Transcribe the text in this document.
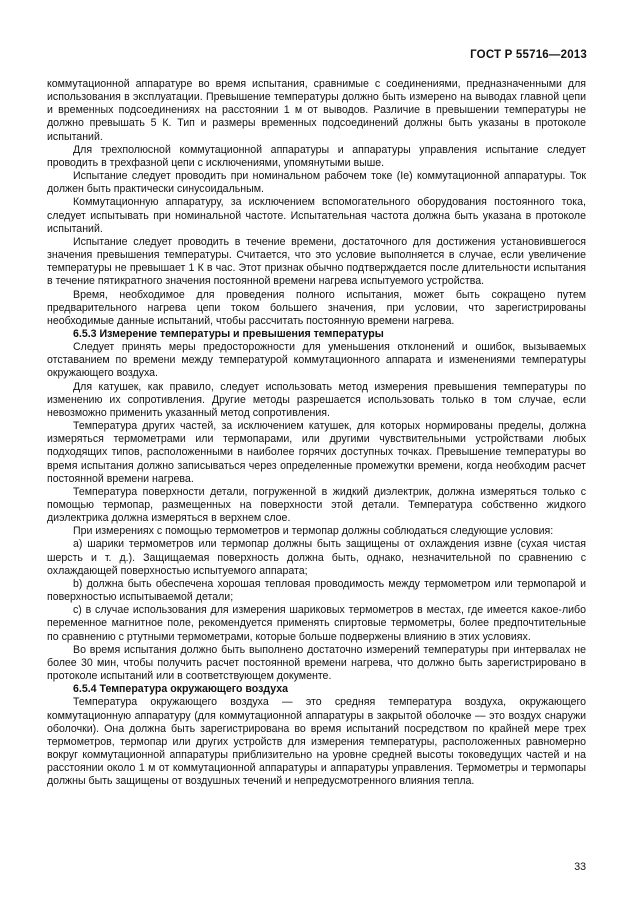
ГОСТ Р 55716—2013

коммутационной аппаратуре во время испытания, сравнимые с соединениями, предназначенными для использования в эксплуатации. Превышение температуры должно быть измерено на выводах главной цепи и временных подсоединениях на расстоянии 1 м от выводов. Различие в превышении температуры не должно превышать 5 К. Тип и размеры временных подсоединений должны быть указаны в протоколе испытаний.

Для трехполюсной коммутационной аппаратуры и аппаратуры управления испытание следует проводить в трехфазной цепи с исключениями, упомянутыми выше.

Испытание следует проводить при номинальном рабочем токе (Ie) коммутационной аппаратуры. Ток должен быть практически синусоидальным.

Коммутационную аппаратуру, за исключением вспомогательного оборудования постоянного тока, следует испытывать при номинальной частоте. Испытательная частота должна быть указана в протоколе испытаний.

Испытание следует проводить в течение времени, достаточного для достижения установившегося значения превышения температуры. Считается, что это условие выполняется в случае, если увеличение температуры не превышает 1 К в час. Этот признак обычно подтверждается после длительности испытания в течение пятикратного значения постоянной времени нагрева испытуемого устройства.

Время, необходимое для проведения полного испытания, может быть сокращено путем предварительного нагрева цепи током большего значения, при условии, что зарегистрированы необходимые данные испытаний, чтобы рассчитать постоянную времени нагрева.

6.5.3 Измерение температуры и превышения температуры

Следует принять меры предосторожности для уменьшения отклонений и ошибок, вызываемых отставанием по времени между температурой коммутационного аппарата и изменениями температуры окружающего воздуха.

Для катушек, как правило, следует использовать метод измерения превышения температуры по изменению их сопротивления. Другие методы разрешается использовать только в том случае, если невозможно применить указанный метод сопротивления.

Температура других частей, за исключением катушек, для которых нормированы пределы, должна измеряться термометрами или термопарами, или другими чувствительными устройствами любых подходящих типов, расположенными в наиболее горячих доступных точках. Превышение температуры во время испытания должно записываться через определенные промежутки времени, когда необходим расчет постоянной времени нагрева.

Температура поверхности детали, погруженной в жидкий диэлектрик, должна измеряться только с помощью термопар, размещенных на поверхности этой детали. Температура собственно жидкого диэлектрика должна измеряться в верхнем слое.

При измерениях с помощью термометров и термопар должны соблюдаться следующие условия:

а) шарики термометров или термопар должны быть защищены от охлаждения извне (сухая чистая шерсть и т. д.). Защищаемая поверхность должна быть, однако, незначительной по сравнению с охлаждающей поверхностью испытуемого аппарата;

b) должна быть обеспечена хорошая тепловая проводимость между термометром или термопарой и поверхностью испытываемой детали;

с) в случае использования для измерения шариковых термометров в местах, где имеется какое-либо переменное магнитное поле, рекомендуется применять спиртовые термометры, более предпочтительные по сравнению с ртутными термометрами, которые больше подвержены влиянию в этих условиях.

Во время испытания должно быть выполнено достаточно измерений температуры при интервалах не более 30 мин, чтобы получить расчет постоянной времени нагрева, что должно быть зарегистрировано в протоколе испытаний или в соответствующем документе.

6.5.4 Температура окружающего воздуха

Температура окружающего воздуха — это средняя температура воздуха, окружающего коммутационную аппаратуру (для коммутационной аппаратуры в закрытой оболочке — это воздух снаружи оболочки). Она должна быть зарегистрирована во время испытаний посредством по крайней мере трех термометров, термопар или других устройств для измерения температуры, расположенных равномерно вокруг коммутационной аппаратуры приблизительно на уровне средней высоты токоведущих частей и на расстоянии около 1 м от коммутационной аппаратуры и аппаратуры управления. Термометры и термопары должны быть защищены от воздушных течений и непредусмотренного влияния тепла.

33
